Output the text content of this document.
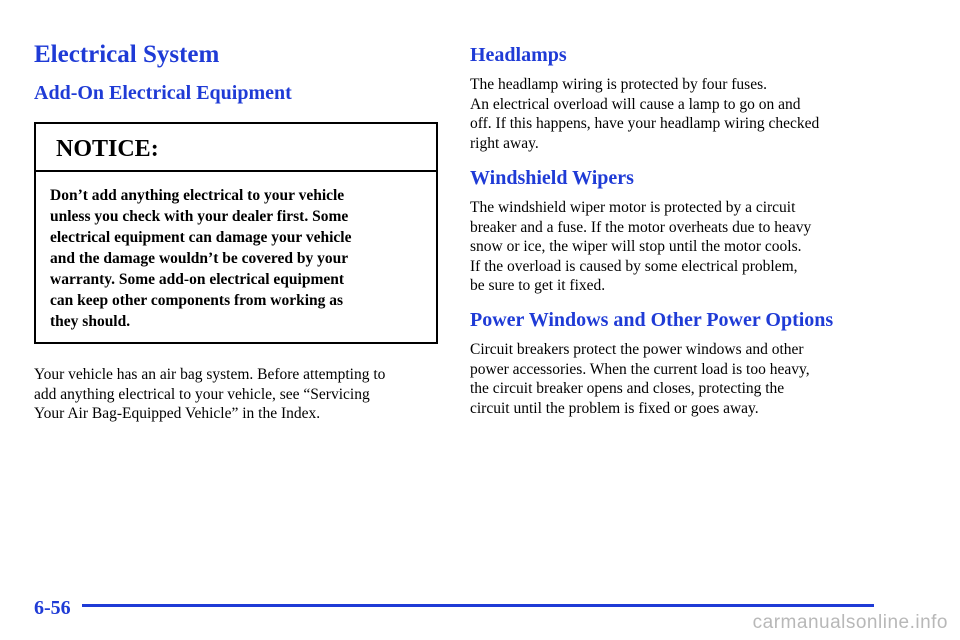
Electrical System
Add-On Electrical Equipment
NOTICE:
Don’t add anything electrical to your vehicle
unless you check with your dealer first. Some
electrical equipment can damage your vehicle
and the damage wouldn’t be covered by your
warranty. Some add-on electrical equipment
can keep other components from working as
they should.
Your vehicle has an air bag system. Before attempting to
add anything electrical to your vehicle, see “Servicing
Your Air Bag-Equipped Vehicle” in the Index.
Headlamps
The headlamp wiring is protected by four fuses.
An electrical overload will cause a lamp to go on and
off. If this happens, have your headlamp wiring checked
right away.
Windshield Wipers
The windshield wiper motor is protected by a circuit
breaker and a fuse. If the motor overheats due to heavy
snow or ice, the wiper will stop until the motor cools.
If the overload is caused by some electrical problem,
be sure to get it fixed.
Power Windows and Other Power Options
Circuit breakers protect the power windows and other
power accessories. When the current load is too heavy,
the circuit breaker opens and closes, protecting the
circuit until the problem is fixed or goes away.
6-56
carmanualsonline.info
